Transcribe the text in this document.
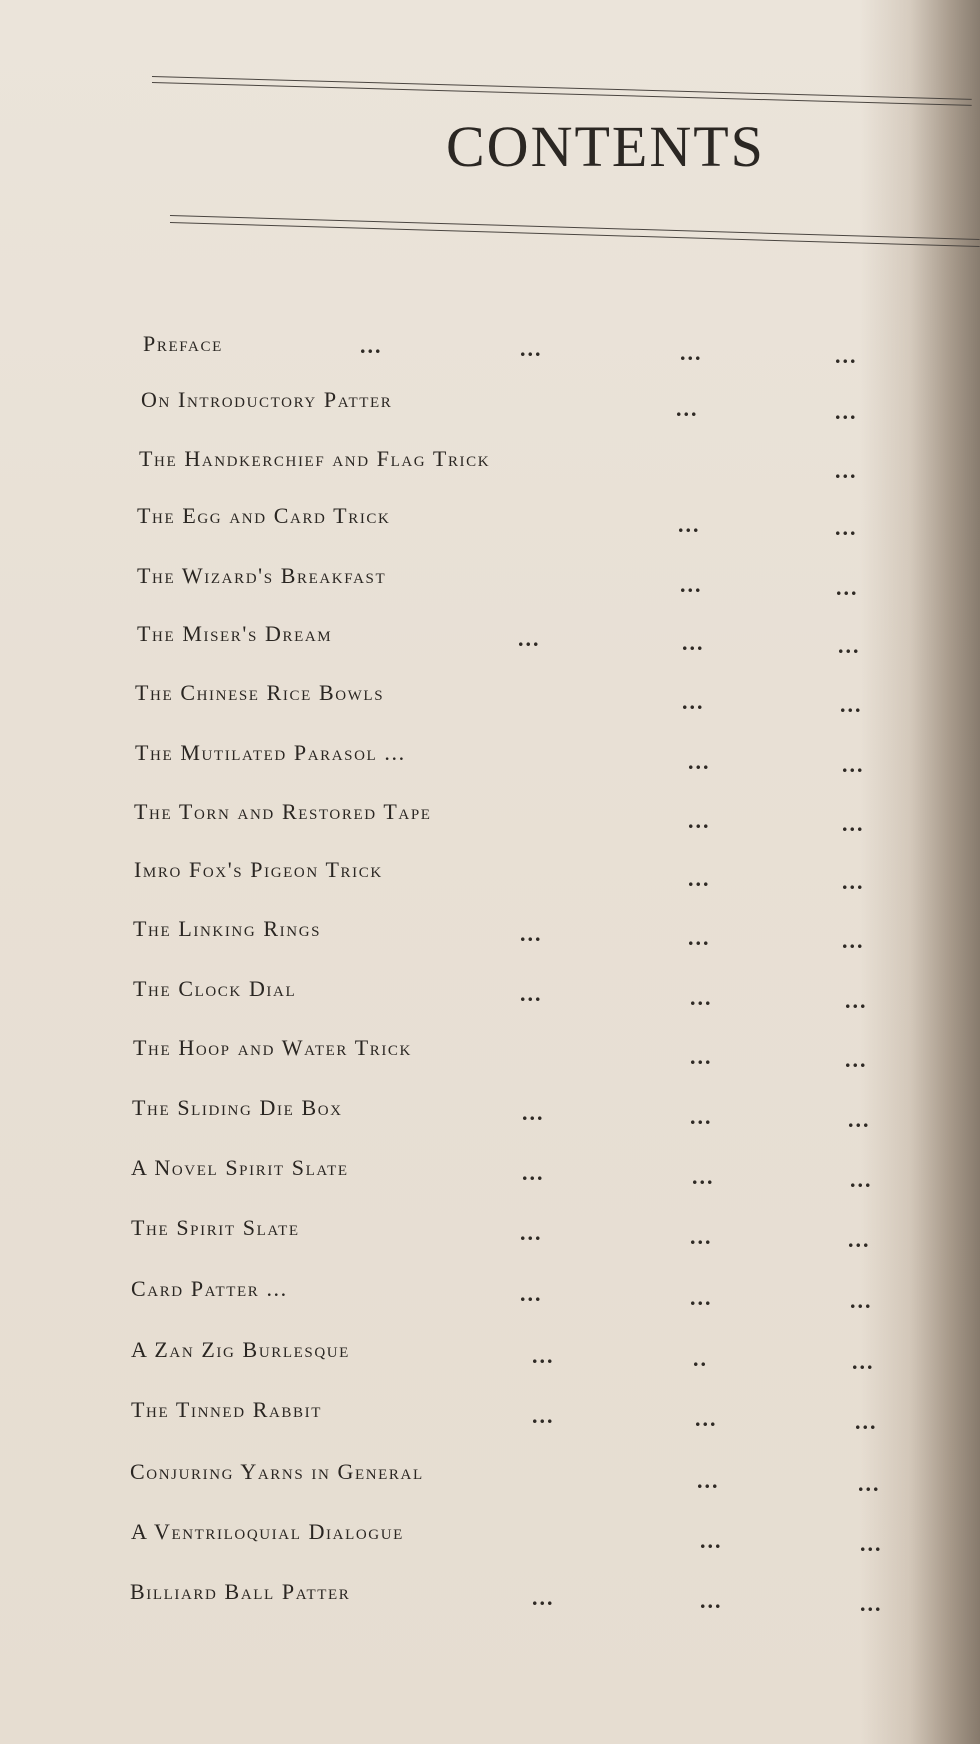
CONTENTS
Preface	...	...	...	...
On Introductory Patter	...	...
The Handkerchief and Flag Trick	...
The Egg and Card Trick	...	...
The Wizard's Breakfast	...	...
The Miser's Dream	...	...	...
The Chinese Rice Bowls	...	...
The Mutilated Parasol ...	...	...
The Torn and Restored Tape	...	...
Imro Fox's Pigeon Trick	...	...
The Linking Rings	...	...	...
The Clock Dial	...	...	...
The Hoop and Water Trick	...	...
The Sliding Die Box	...	...	...
A Novel Spirit Slate	...	...	...
The Spirit Slate	...	...	...
Card Patter ...	...	...	...
A Zan Zig Burlesque	...	..	...
The Tinned Rabbit	...	...	...
Conjuring Yarns in General	...	...
A Ventriloquial Dialogue	...	...
Billiard Ball Patter	...	...	...
